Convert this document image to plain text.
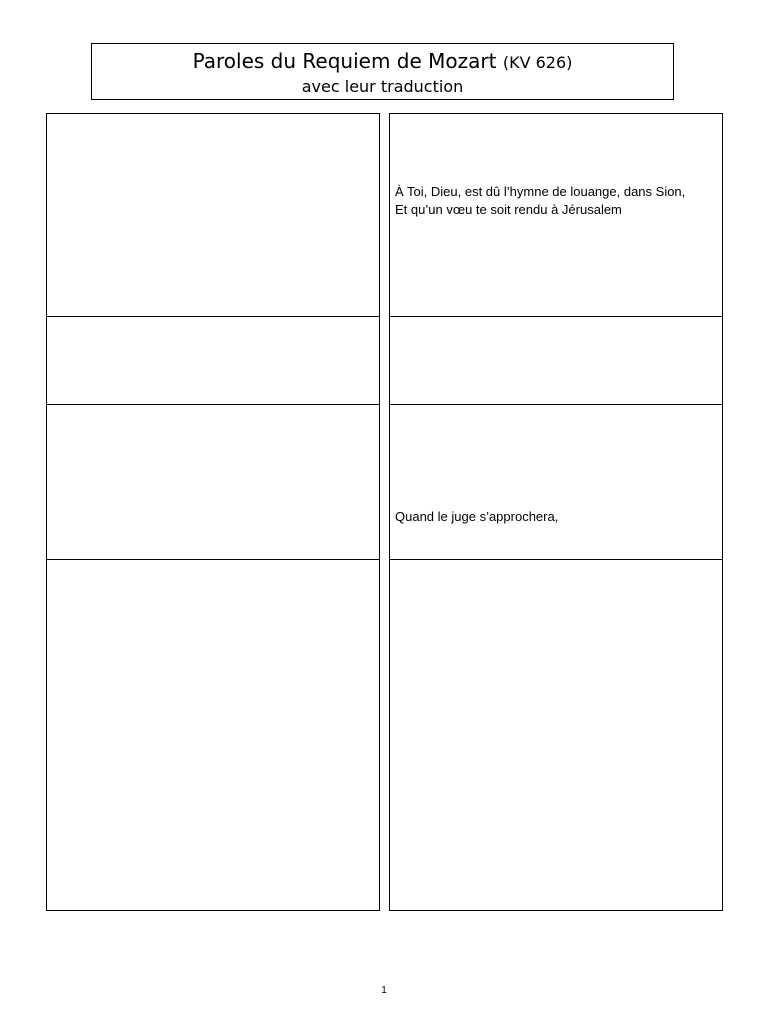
Paroles du Requiem de Mozart (KV 626)
avec leur traduction
À Toi, Dieu, est dû l’hymne de louange, dans Sion,
Et qu’un vœu te soit rendu à Jérusalem
Quand le juge s’approchera,
1
